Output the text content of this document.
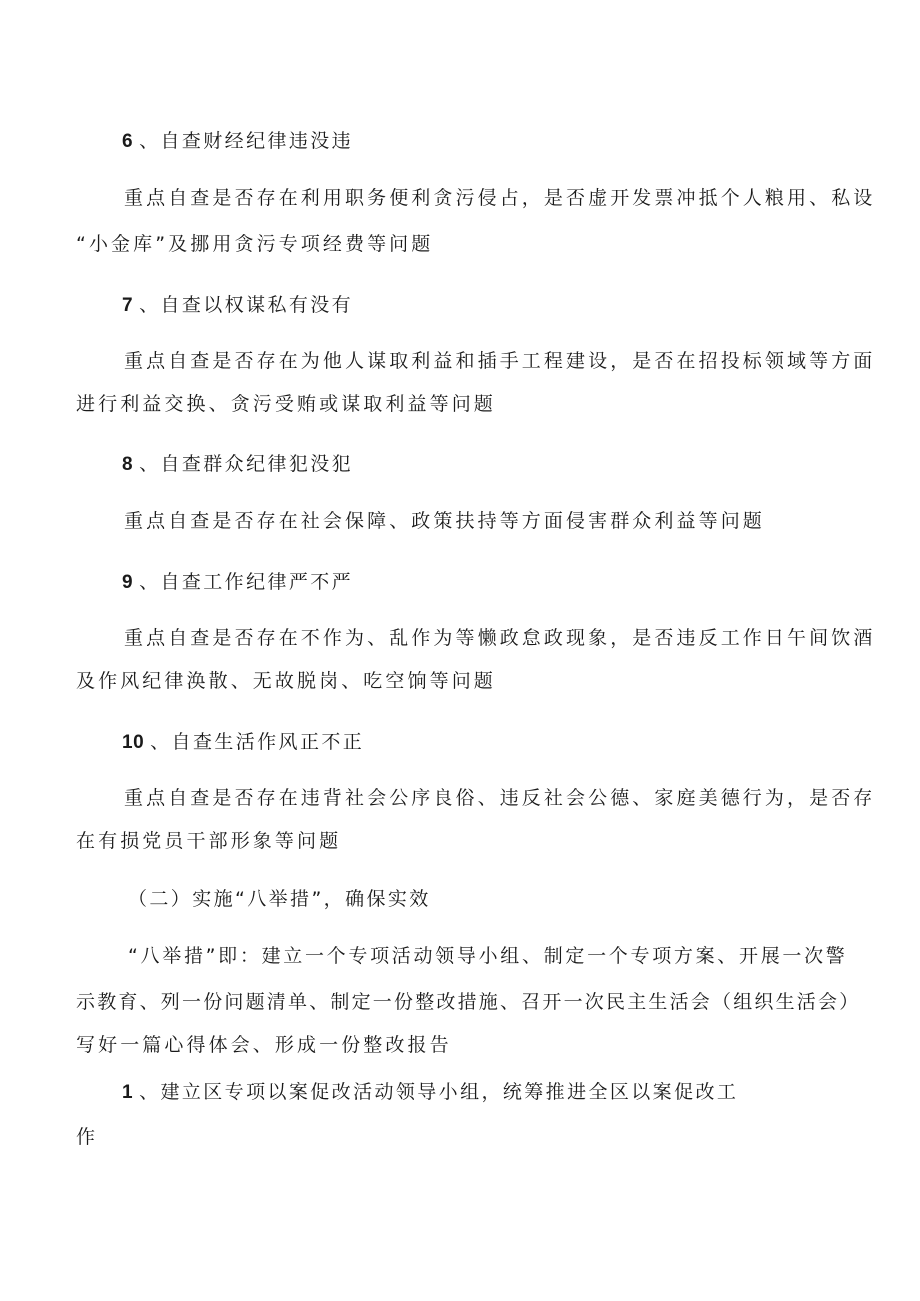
6 、自查财经纪律违没违
重点自查是否存在利用职务便利贪污侵占，是否虚开发票冲抵个人粮用、私设
“小金库”及挪用贪污专项经费等问题
7 、自查以权谋私有没有
重点自查是否存在为他人谋取利益和插手工程建设，是否在招投标领域等方面
进行利益交换、贪污受贿或谋取利益等问题
8 、自查群众纪律犯没犯
重点自查是否存在社会保障、政策扶持等方面侵害群众利益等问题
9 、自查工作纪律严不严
重点自查是否存在不作为、乱作为等懒政怠政现象，是否违反工作日午间饮酒
及作风纪律涣散、无故脱岗、吃空饷等问题
10 、自查生活作风正不正
重点自查是否存在违背社会公序良俗、违反社会公德、家庭美德行为，是否存
在有损党员干部形象等问题
（二）实施“八举措”，确保实效
“八举措”即：建立一个专项活动领导小组、制定一个专项方案、开展一次警
示教育、列一份问题清单、制定一份整改措施、召开一次民主生活会（组织生活会）
写好一篇心得体会、形成一份整改报告
1 、建立区专项以案促改活动领导小组，统筹推进全区以案促改工
作
